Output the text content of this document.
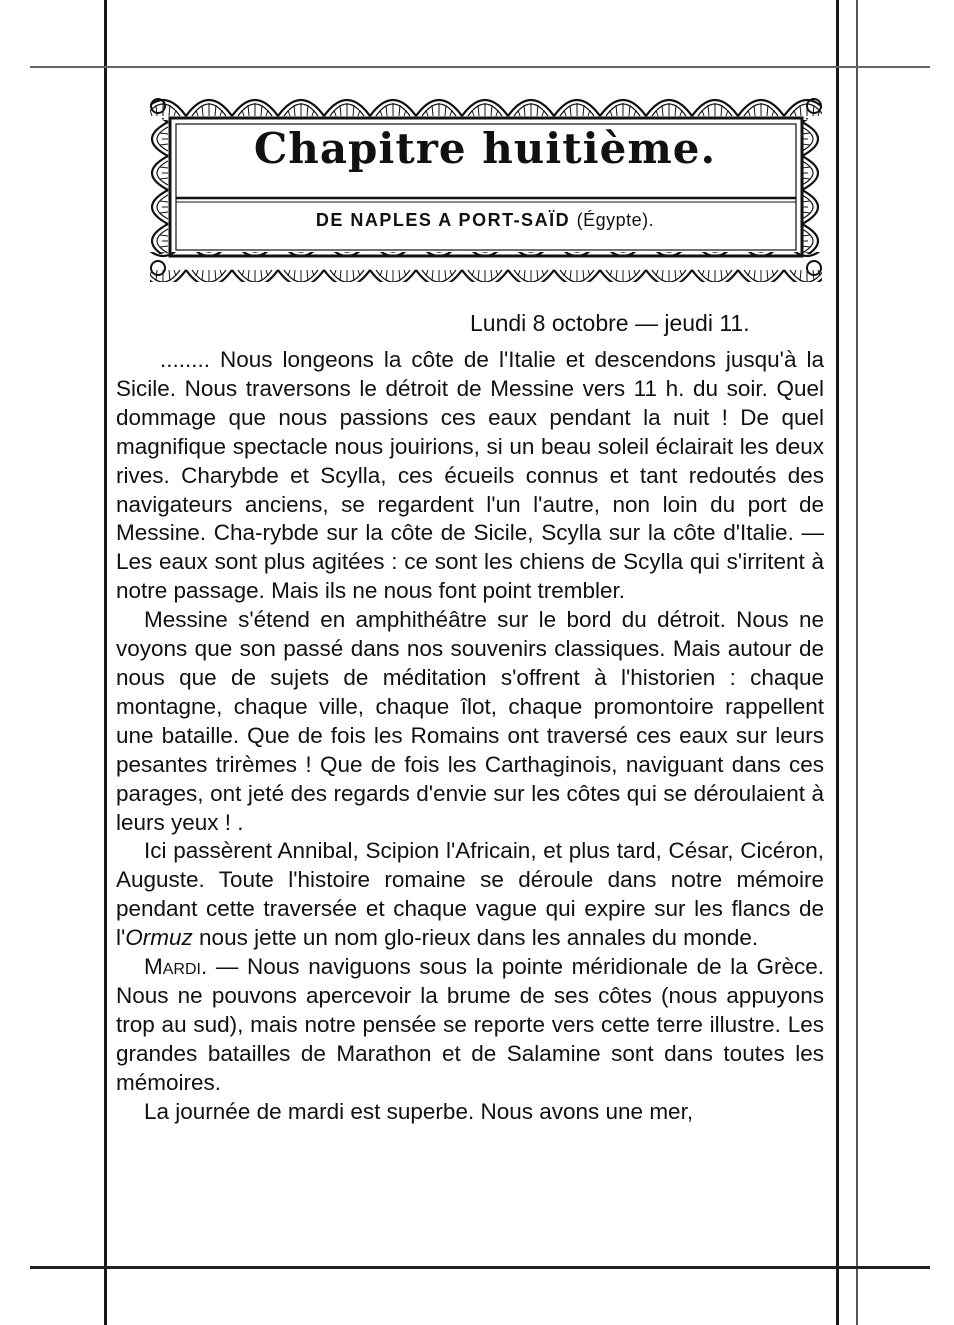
Chapitre huitième.
DE NAPLES A PORT-SAÏD (Égypte).
Lundi 8 octobre — jeudi 11.

........ Nous longeons la côte de l'Italie et descendons jusqu'à la Sicile. Nous traversons le détroit de Messine vers 11 h. du soir. Quel dommage que nous passions ces eaux pendant la nuit ! De quel magnifique spectacle nous jouirions, si un beau soleil éclairait les deux rives. Charybde et Scylla, ces écueils connus et tant redoutés des navigateurs anciens, se regardent l'un l'autre, non loin du port de Messine. Cha-rybde sur la côte de Sicile, Scylla sur la côte d'Italie. — Les eaux sont plus agitées : ce sont les chiens de Scylla qui s'irritent à notre passage. Mais ils ne nous font point trembler.

Messine s'étend en amphithéâtre sur le bord du détroit. Nous ne voyons que son passé dans nos souvenirs classiques. Mais autour de nous que de sujets de méditation s'offrent à l'historien : chaque montagne, chaque ville, chaque îlot, chaque promontoire rappellent une bataille. Que de fois les Romains ont traversé ces eaux sur leurs pesantes trirèmes ! Que de fois les Carthaginois, naviguant dans ces parages, ont jeté des regards d'envie sur les côtes qui se déroulaient à leurs yeux ! .

Ici passèrent Annibal, Scipion l'Africain, et plus tard, César, Cicéron, Auguste. Toute l'histoire romaine se déroule dans notre mémoire pendant cette traversée et chaque vague qui expire sur les flancs de l'Ormuz nous jette un nom glo-rieux dans les annales du monde.

Mardi. — Nous naviguons sous la pointe méridionale de la Grèce. Nous ne pouvons apercevoir la brume de ses côtes (nous appuyons trop au sud), mais notre pensée se reporte vers cette terre illustre. Les grandes batailles de Marathon et de Salamine sont dans toutes les mémoires.

La journée de mardi est superbe. Nous avons une mer,
